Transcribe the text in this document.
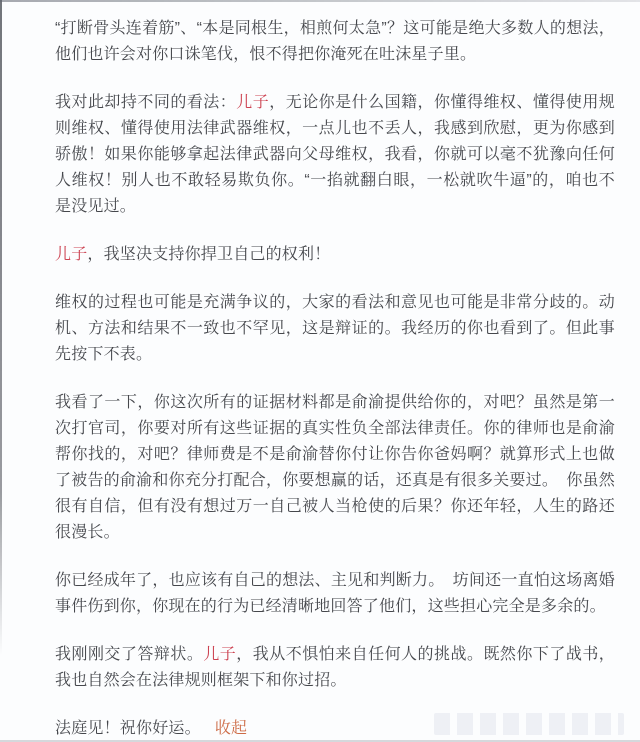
“打断骨头连着筋”、“本是同根生，相煎何太急”？这可能是绝大多数人的想法，他们也许会对你口诛笔伐，恨不得把你淹死在吐沫星子里。

我对此却持不同的看法：儿子，无论你是什么国籍，你懂得维权、懂得使用规则维权、懂得使用法律武器维权，一点儿也不丢人，我感到欣慰，更为你感到骄傲！如果你能够拿起法律武器向父母维权，我看，你就可以毫不犹豫向任何人维权！别人也不敢轻易欺负你。“一掐就翻白眼，一松就吹牛逼”的，咱也不是没见过。

儿子，我坚决支持你捍卫自己的权利！

维权的过程也可能是充满争议的，大家的看法和意见也可能是非常分歧的。动机、方法和结果不一致也不罕见，这是辩证的。我经历的你也看到了。但此事先按下不表。

我看了一下，你这次所有的证据材料都是俞渝提供给你的，对吧？虽然是第一次打官司，你要对所有这些证据的真实性负全部法律责任。你的律师也是俞渝帮你找的，对吧？律师费是不是俞渝替你付让你告你爸妈啊？就算形式上也做了被告的俞渝和你充分打配合，你要想赢的话，还真是有很多关要过。　你虽然很有自信，但有没有想过万一自己被人当枪使的后果？你还年轻，人生的路还很漫长。

你已经成年了，也应该有自己的想法、主见和判断力。　坊间还一直怕这场离婚事件伤到你，你现在的行为已经清晰地回答了他们，这些担心完全是多余的。

我刚刚交了答辩状。儿子，我从不惧怕来自任何人的挑战。既然你下了战书，我也自然会在法律规则框架下和你过招。

法庭见！祝你好运。 收起
